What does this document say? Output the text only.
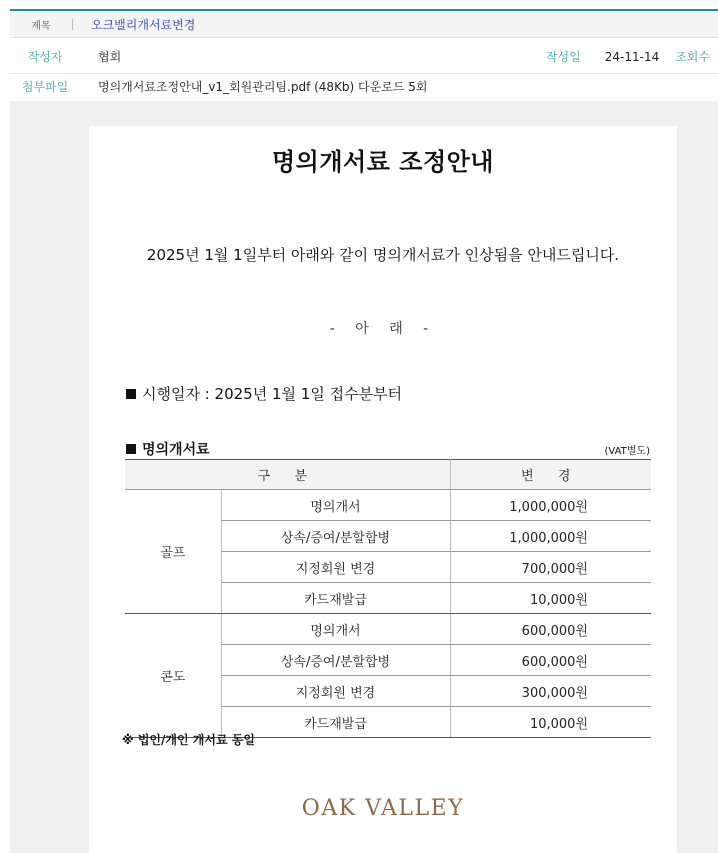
제목	오크밸리개서료변경
작성자	협회	작성일 24-11-14 조회수
첨부파일	명의개서료조정안내_v1_회원관리팀.pdf (48Kb) 다운로드 5회
명의개서료 조정안내
2025년 1월 1일부터 아래와 같이 명의개서료가 인상됨을 안내드립니다.
- 아 래 -
시행일자 : 2025년 1월 1일 접수분부터
명의개서료	(VAT별도)
구 분		변 경
골프	명의개서	1,000,000원
	상속/증여/분할합병	1,000,000원
	지정회원 변경	700,000원
	카드재발급	10,000원
콘도	명의개서	600,000원
	상속/증여/분할합병	600,000원
	지정회원 변경	300,000원
	카드재발급	10,000원
※ 법인/개인 개서료 동일
OAK VALLEY
